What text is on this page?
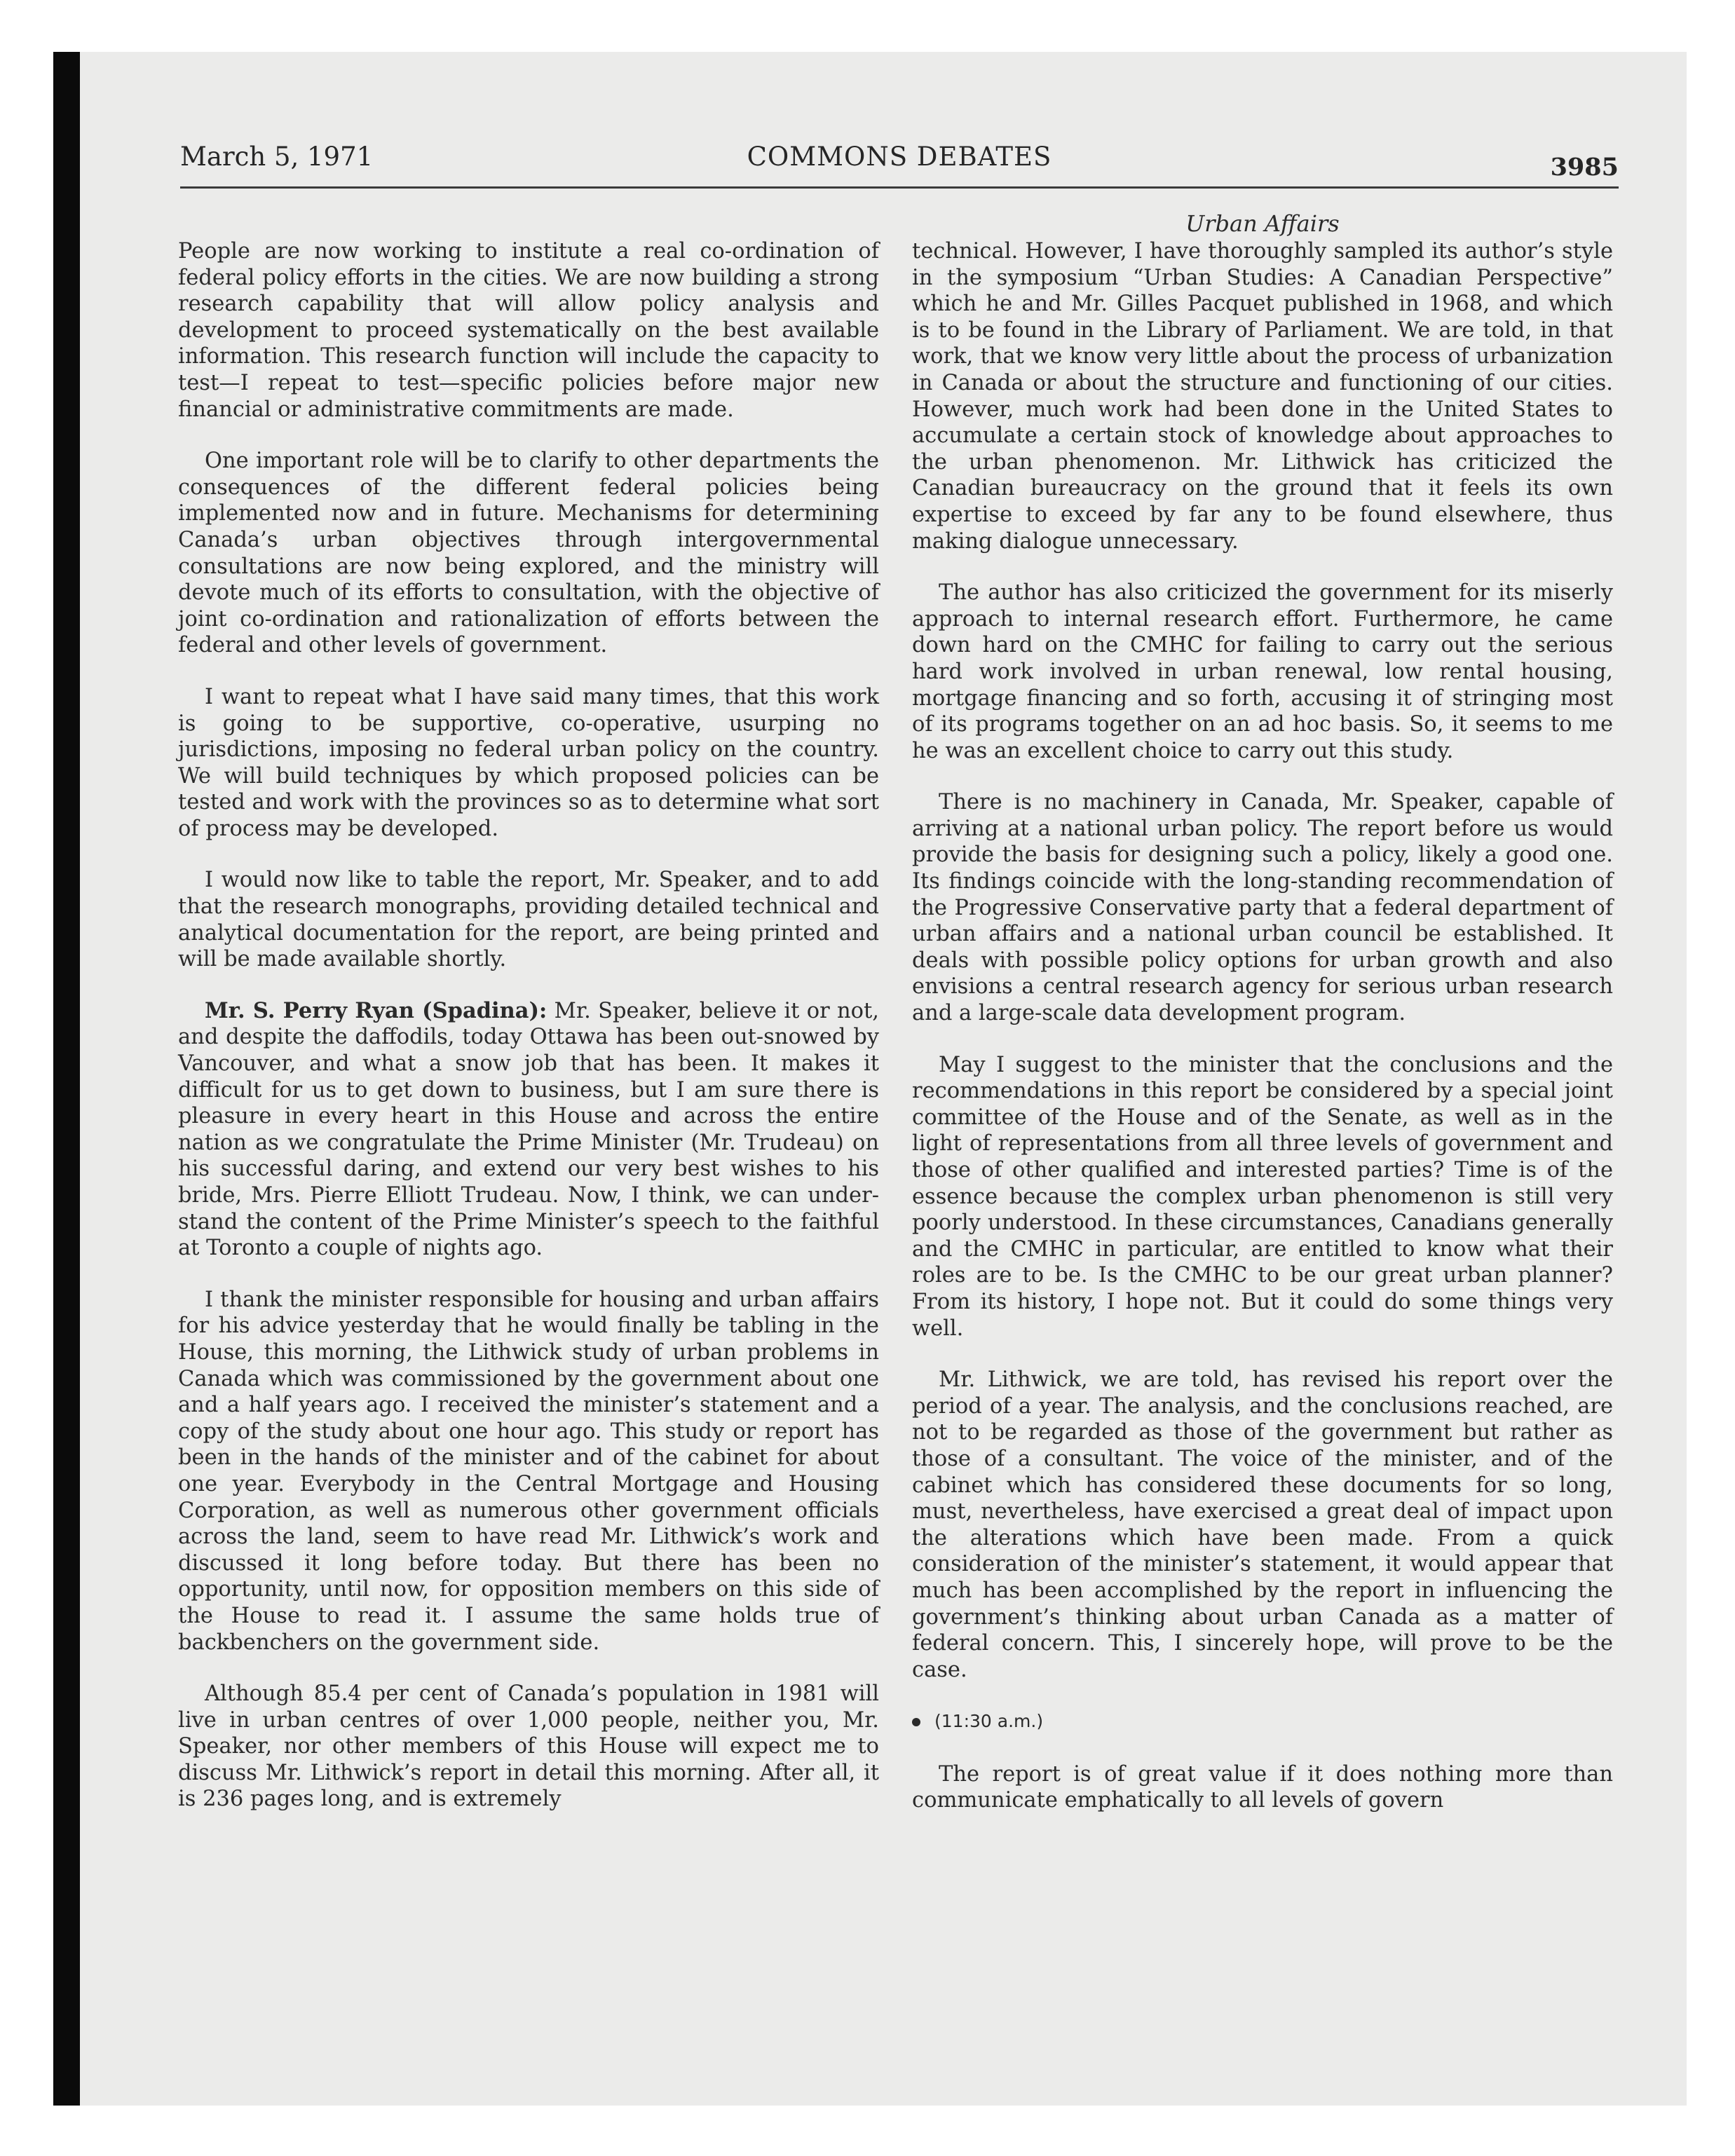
March 5, 1971	COMMONS DEBATES	3985

People are now working to institute a real co-ordination of federal policy efforts in the cities. We are now building a strong research capability that will allow policy analysis and development to proceed systematically on the best available information. This research function will include the capacity to test—I repeat to test—specific policies before major new financial or administrative commitments are made.

One important role will be to clarify to other departments the consequences of the different federal policies being implemented now and in future. Mechanisms for determining Canada’s urban objectives through intergovernmental consultations are now being explored, and the ministry will devote much of its efforts to consultation, with the objective of joint co-ordination and rationalization of efforts between the federal and other levels of government.

I want to repeat what I have said many times, that this work is going to be supportive, co-operative, usurping no jurisdictions, imposing no federal urban policy on the country. We will build techniques by which proposed policies can be tested and work with the provinces so as to determine what sort of process may be developed.

I would now like to table the report, Mr. Speaker, and to add that the research monographs, providing detailed technical and analytical documentation for the report, are being printed and will be made available shortly.

Mr. S. Perry Ryan (Spadina): Mr. Speaker, believe it or not, and despite the daffodils, today Ottawa has been out-snowed by Vancouver, and what a snow job that has been. It makes it difficult for us to get down to business, but I am sure there is pleasure in every heart in this House and across the entire nation as we congratulate the Prime Minister (Mr. Trudeau) on his successful daring, and extend our very best wishes to his bride, Mrs. Pierre Elliott Trudeau. Now, I think, we can understand the content of the Prime Minister’s speech to the faithful at Toronto a couple of nights ago.

I thank the minister responsible for housing and urban affairs for his advice yesterday that he would finally be tabling in the House, this morning, the Lithwick study of urban problems in Canada which was commissioned by the government about one and a half years ago. I received the minister’s statement and a copy of the study about one hour ago. This study or report has been in the hands of the minister and of the cabinet for about one year. Everybody in the Central Mortgage and Housing Corporation, as well as numerous other government officials across the land, seem to have read Mr. Lithwick’s work and discussed it long before today. But there has been no opportunity, until now, for opposition members on this side of the House to read it. I assume the same holds true of backbenchers on the government side.

Although 85.4 per cent of Canada’s population in 1981 will live in urban centres of over 1,000 people, neither you, Mr. Speaker, nor other members of this House will expect me to discuss Mr. Lithwick’s report in detail this morning. After all, it is 236 pages long, and is extremely

Urban Affairs

technical. However, I have thoroughly sampled its author’s style in the symposium “Urban Studies: A Canadian Perspective” which he and Mr. Gilles Pacquet published in 1968, and which is to be found in the Library of Parliament. We are told, in that work, that we know very little about the process of urbanization in Canada or about the structure and functioning of our cities. However, much work had been done in the United States to accumulate a certain stock of knowledge about approaches to the urban phenomenon. Mr. Lithwick has criticized the Canadian bureaucracy on the ground that it feels its own expertise to exceed by far any to be found elsewhere, thus making dialogue unnecessary.

The author has also criticized the government for its miserly approach to internal research effort. Furthermore, he came down hard on the CMHC for failing to carry out the serious hard work involved in urban renewal, low rental housing, mortgage financing and so forth, accusing it of stringing most of its programs together on an ad hoc basis. So, it seems to me he was an excellent choice to carry out this study.

There is no machinery in Canada, Mr. Speaker, capable of arriving at a national urban policy. The report before us would provide the basis for designing such a policy, likely a good one. Its findings coincide with the long-standing recommendation of the Progressive Conservative party that a federal department of urban affairs and a national urban council be established. It deals with possible policy options for urban growth and also envisions a central research agency for serious urban research and a large-scale data development program.

May I suggest to the minister that the conclusions and the recommendations in this report be considered by a special joint committee of the House and of the Senate, as well as in the light of representations from all three levels of government and those of other qualified and interested parties? Time is of the essence because the complex urban phenomenon is still very poorly understood. In these circumstances, Canadians generally and the CMHC in particular, are entitled to know what their roles are to be. Is the CMHC to be our great urban planner? From its history, I hope not. But it could do some things very well.

Mr. Lithwick, we are told, has revised his report over the period of a year. The analysis, and the conclusions reached, are not to be regarded as those of the government but rather as those of a consultant. The voice of the minister, and of the cabinet which has considered these documents for so long, must, nevertheless, have exercised a great deal of impact upon the alterations which have been made. From a quick consideration of the minister’s statement, it would appear that much has been accomplished by the report in influencing the government’s thinking about urban Canada as a matter of federal concern. This, I sincerely hope, will prove to be the case.

(11:30 a.m.)

The report is of great value if it does nothing more than communicate emphatically to all levels of govern
